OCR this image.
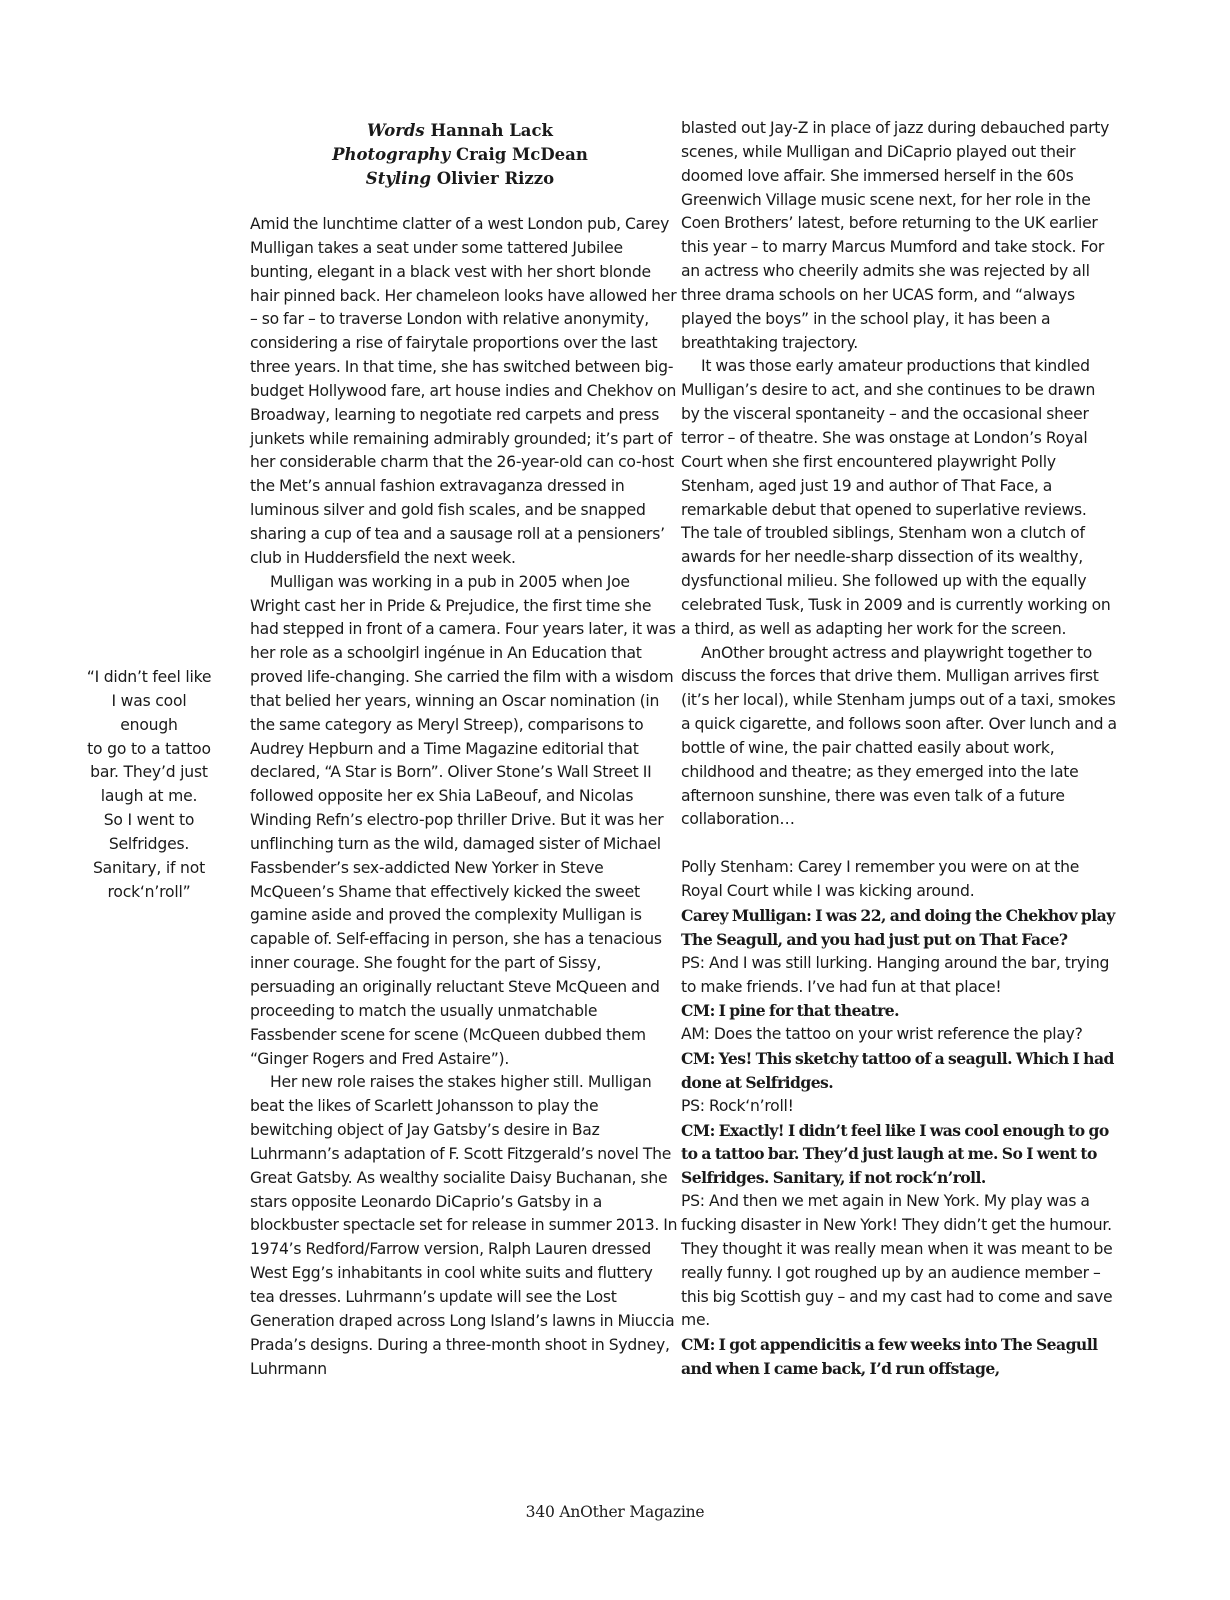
Words Hannah Lack
Photography Craig McDean
Styling Olivier Rizzo

Amid the lunchtime clatter of a west London pub, Carey Mulligan takes a seat under some tattered Jubilee bunting, elegant in a black vest with her short blonde hair pinned back. Her chameleon looks have allowed her – so far – to traverse London with relative anonymity, considering a rise of fairytale proportions over the last three years. In that time, she has switched between big-budget Hollywood fare, art house indies and Chekhov on Broadway, learning to negotiate red carpets and press junkets while remaining admirably grounded; it’s part of her considerable charm that the 26-year-old can co-host the Met’s annual fashion extravaganza dressed in luminous silver and gold fish scales, and be snapped sharing a cup of tea and a sausage roll at a pensioners’ club in Huddersfield the next week.

Mulligan was working in a pub in 2005 when Joe Wright cast her in Pride & Prejudice, the first time she had stepped in front of a camera. Four years later, it was her role as a schoolgirl ingénue in An Education that proved life-changing. She carried the film with a wisdom that belied her years, winning an Oscar nomination (in the same category as Meryl Streep), comparisons to Audrey Hepburn and a Time Magazine editorial that declared, “A Star is Born”. Oliver Stone’s Wall Street II followed opposite her ex Shia LaBeouf, and Nicolas Winding Refn’s electro-pop thriller Drive. But it was her unflinching turn as the wild, damaged sister of Michael Fassbender’s sex-addicted New Yorker in Steve McQueen’s Shame that effectively kicked the sweet gamine aside and proved the complexity Mulligan is capable of. Self-effacing in person, she has a tenacious inner courage. She fought for the part of Sissy, persuading an originally reluctant Steve McQueen and proceeding to match the usually unmatchable Fassbender scene for scene (McQueen dubbed them “Ginger Rogers and Fred Astaire”).

Her new role raises the stakes higher still. Mulligan beat the likes of Scarlett Johansson to play the bewitching object of Jay Gatsby’s desire in Baz Luhrmann’s adaptation of F. Scott Fitzgerald’s novel The Great Gatsby. As wealthy socialite Daisy Buchanan, she stars opposite Leonardo DiCaprio’s Gatsby in a blockbuster spectacle set for release in summer 2013. In 1974’s Redford/Farrow version, Ralph Lauren dressed West Egg’s inhabitants in cool white suits and fluttery tea dresses. Luhrmann’s update will see the Lost Generation draped across Long Island’s lawns in Miuccia Prada’s designs. During a three-month shoot in Sydney, Luhrmann

blasted out Jay-Z in place of jazz during debauched party scenes, while Mulligan and DiCaprio played out their doomed love affair. She immersed herself in the 60s Greenwich Village music scene next, for her role in the Coen Brothers’ latest, before returning to the UK earlier this year – to marry Marcus Mumford and take stock. For an actress who cheerily admits she was rejected by all three drama schools on her UCAS form, and “always played the boys” in the school play, it has been a breathtaking trajectory.

It was those early amateur productions that kindled Mulligan’s desire to act, and she continues to be drawn by the visceral spontaneity – and the occasional sheer terror – of theatre. She was onstage at London’s Royal Court when she first encountered playwright Polly Stenham, aged just 19 and author of That Face, a remarkable debut that opened to superlative reviews. The tale of troubled siblings, Stenham won a clutch of awards for her needle-sharp dissection of its wealthy, dysfunctional milieu. She followed up with the equally celebrated Tusk, Tusk in 2009 and is currently working on a third, as well as adapting her work for the screen.

AnOther brought actress and playwright together to discuss the forces that drive them. Mulligan arrives first (it’s her local), while Stenham jumps out of a taxi, smokes a quick cigarette, and follows soon after. Over lunch and a bottle of wine, the pair chatted easily about work, childhood and theatre; as they emerged into the late afternoon sunshine, there was even talk of a future collaboration…

Polly Stenham: Carey I remember you were on at the Royal Court while I was kicking around.

Carey Mulligan: I was 22, and doing the Chekhov play The Seagull, and you had just put on That Face?

PS: And I was still lurking. Hanging around the bar, trying to make friends. I’ve had fun at that place!

CM: I pine for that theatre.

AM: Does the tattoo on your wrist reference the play?

CM: Yes! This sketchy tattoo of a seagull. Which I had done at Selfridges.

PS: Rock‘n’roll!

CM: Exactly! I didn’t feel like I was cool enough to go to a tattoo bar. They’d just laugh at me. So I went to Selfridges. Sanitary, if not rock‘n’roll.

PS: And then we met again in New York. My play was a fucking disaster in New York! They didn’t get the humour. They thought it was really mean when it was meant to be really funny. I got roughed up by an audience member – this big Scottish guy – and my cast had to come and save me.

CM: I got appendicitis a few weeks into The Seagull and when I came back, I’d run offstage,

“I didn’t feel like
I was cool
enough
to go to a tattoo
bar. They’d just
laugh at me.
So I went to
Selfridges.
Sanitary, if not
rock‘n’roll”
340 AnOther Magazine
